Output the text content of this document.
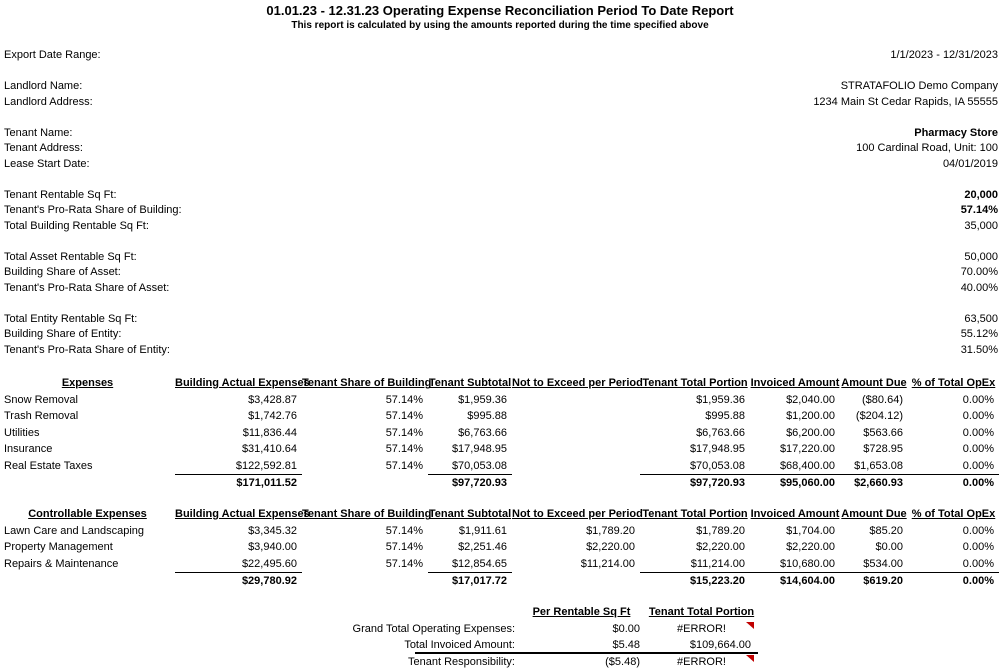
01.01.23 - 12.31.23 Operating Expense Reconciliation Period To Date Report
This report is calculated by using the amounts reported during the time specified above
Export Date Range:	1/1/2023 - 12/31/2023
Landlord Name:	STRATAFOLIO Demo Company
Landlord Address:	1234 Main St Cedar Rapids, IA 55555
Tenant Name:	Pharmacy Store
Tenant Address:	100 Cardinal Road, Unit: 100
Lease Start Date:	04/01/2019
Tenant Rentable Sq Ft:	20,000
Tenant's Pro-Rata Share of Building:	57.14%
Total Building Rentable Sq Ft:	35,000
Total Asset Rentable Sq Ft:	50,000
Building Share of Asset:	70.00%
Tenant's Pro-Rata Share of Asset:	40.00%
Total Entity Rentable Sq Ft:	63,500
Building Share of Entity:	55.12%
Tenant's Pro-Rata Share of Entity:	31.50%
Expenses	Building Actual Expenses	Tenant Share of Building	Tenant Subtotal	Not to Exceed per Period	Tenant Total Portion	Invoiced Amount	Amount Due	% of Total OpEx
Snow Removal	$3,428.87	57.14%	$1,959.36		$1,959.36	$2,040.00	($80.64)	0.00%
Trash Removal	$1,742.76	57.14%	$995.88		$995.88	$1,200.00	($204.12)	0.00%
Utilities	$11,836.44	57.14%	$6,763.66		$6,763.66	$6,200.00	$563.66	0.00%
Insurance	$31,410.64	57.14%	$17,948.95		$17,948.95	$17,220.00	$728.95	0.00%
Real Estate Taxes	$122,592.81	57.14%	$70,053.08		$70,053.08	$68,400.00	$1,653.08	0.00%
	$171,011.52		$97,720.93		$97,720.93	$95,060.00	$2,660.93	0.00%
Controllable Expenses	Building Actual Expenses	Tenant Share of Building	Tenant Subtotal	Not to Exceed per Period	Tenant Total Portion	Invoiced Amount	Amount Due	% of Total OpEx
Lawn Care and Landscaping	$3,345.32	57.14%	$1,911.61	$1,789.20	$1,789.20	$1,704.00	$85.20	0.00%
Property Management	$3,940.00	57.14%	$2,251.46	$2,220.00	$2,220.00	$2,220.00	$0.00	0.00%
Repairs & Maintenance	$22,495.60	57.14%	$12,854.65	$11,214.00	$11,214.00	$10,680.00	$534.00	0.00%
	$29,780.92		$17,017.72		$15,223.20	$14,604.00	$619.20	0.00%
	Per Rentable Sq Ft	Tenant Total Portion
Grand Total Operating Expenses:	$0.00	#ERROR!

Total Invoiced Amount:	$5.48	$109,664.00
Tenant Responsibility:	($5.48)	#ERROR!
